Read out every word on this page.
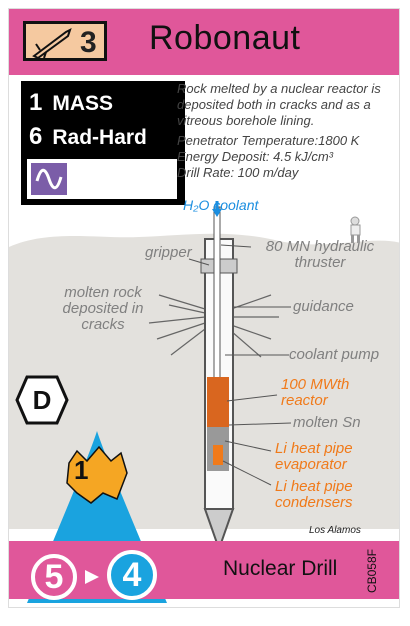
3 Robonaut
1 MASS
6 Rad-Hard

Rock melted by a nuclear reactor is deposited both in cracks and as a vitreous borehole lining.

Penetrator Temperature:1800 K

Energy Deposit: 4.5 kJ/cm³

Drill Rate: 100 m/day

H₂O coolant
gripper	80 MN hydraulic thruster
molten rock deposited in cracks
guidance
coolant pump
100 MWth reactor
molten Sn
Li heat pipe evaporator
Li heat pipe condensers
D
1
Nuclear Drill
5 4
Los Alamos
CB058F
